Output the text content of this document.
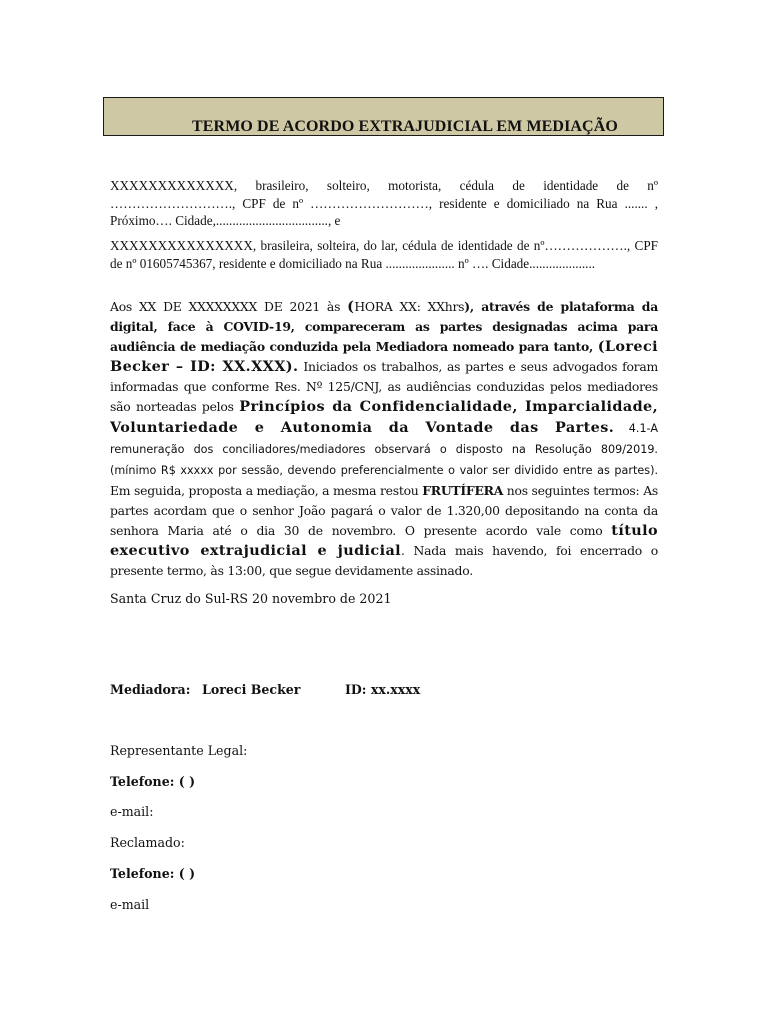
TERMO DE ACORDO EXTRAJUDICIAL EM MEDIAÇÃO
XXXXXXXXXXXXX, brasileiro, solteiro, motorista, cédula de identidade de nº ………………………., CPF de nº ………………………, residente e domiciliado na Rua ....... , Próximo…. Cidade,.................................., e
XXXXXXXXXXXXXXX, brasileira, solteira, do lar, cédula de identidade de nº………………., CPF de nº 01605745367, residente e domiciliado na Rua ..................... nº …. Cidade....................
Aos XX DE XXXXXXXX DE 2021 às (HORA XX: XXhrs), através de plataforma da digital, face à COVID-19, compareceram as partes designadas acima para audiência de mediação conduzida pela Mediadora nomeado para tanto, (Loreci Becker – ID: XX.XXX). Iniciados os trabalhos, as partes e seus advogados foram informadas que conforme Res. Nº 125/CNJ, as audiências conduzidas pelos mediadores são norteadas pelos Princípios da Confidencialidade, Imparcialidade, Voluntariedade e Autonomia da Vontade das Partes. 4.1-A remuneração dos conciliadores/mediadores observará o disposto na Resolução 809/2019. (mínimo R$ xxxxx por sessão, devendo preferencialmente o valor ser dividido entre as partes). Em seguida, proposta a mediação, a mesma restou FRUTÍFERA nos seguintes termos: As partes acordam que o senhor João pagará o valor de 1.320,00 depositando na conta da senhora Maria até o dia 30 de novembro. O presente acordo vale como título executivo extrajudicial e judicial. Nada mais havendo, foi encerrado o presente termo, às 13:00, que segue devidamente assinado.
Santa Cruz do Sul-RS 20 novembro de 2021
Mediadora: Loreci Becker	ID: xx.xxxx
Representante Legal:
Telefone: ( )
e-mail:
Reclamado:
Telefone: ( )
e-mail
